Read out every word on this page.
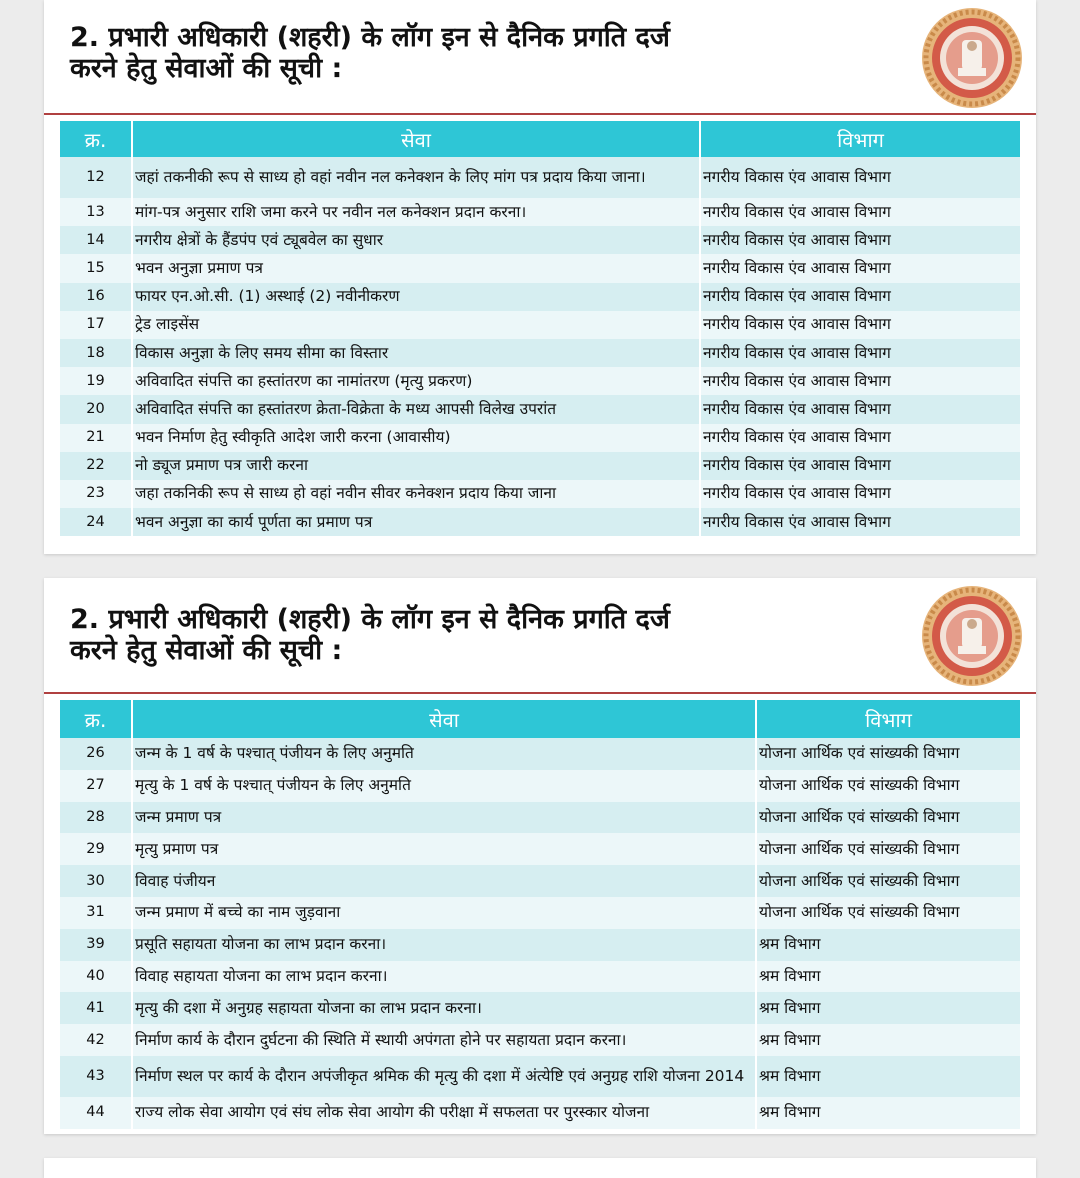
2. प्रभारी अधिकारी (शहरी) के लॉग इन से दैनिक प्रगति दर्ज
करने हेतु सेवाओं की सूची :
क्र.	सेवा	विभाग
12	जहां तकनीकी रूप से साध्य हो वहां नवीन नल कनेक्शन के लिए मांग पत्र प्रदाय किया जाना।	नगरीय विकास एंव आवास विभाग
13	मांग-पत्र अनुसार राशि जमा करने पर नवीन नल कनेक्शन प्रदान करना।	नगरीय विकास एंव आवास विभाग
14	नगरीय क्षेत्रों के हैंडपंप एवं ट्यूबवेल का सुधार	नगरीय विकास एंव आवास विभाग
15	भवन अनुज्ञा प्रमाण पत्र	नगरीय विकास एंव आवास विभाग
16	फायर एन.ओ.सी. (1) अस्थाई (2) नवीनीकरण	नगरीय विकास एंव आवास विभाग
17	ट्रेड लाइसेंस	नगरीय विकास एंव आवास विभाग
18	विकास अनुज्ञा के लिए समय सीमा का विस्तार	नगरीय विकास एंव आवास विभाग
19	अविवादित संपत्ति का हस्तांतरण का नामांतरण (मृत्यु प्रकरण)	नगरीय विकास एंव आवास विभाग
20	अविवादित संपत्ति का हस्तांतरण क्रेता-विक्रेता के मध्य आपसी विलेख उपरांत	नगरीय विकास एंव आवास विभाग
21	भवन निर्माण हेतु स्वीकृति आदेश जारी करना (आवासीय)	नगरीय विकास एंव आवास विभाग
22	नो ड्यूज प्रमाण पत्र जारी करना	नगरीय विकास एंव आवास विभाग
23	जहा तकनिकी रूप से साध्य हो वहां नवीन सीवर कनेक्शन प्रदाय किया जाना	नगरीय विकास एंव आवास विभाग
24	भवन अनुज्ञा का कार्य पूर्णता का प्रमाण पत्र	नगरीय विकास एंव आवास विभाग
2. प्रभारी अधिकारी (शहरी) के लॉग इन से दैनिक प्रगति दर्ज
करने हेतु सेवाओं की सूची :
क्र.	सेवा	विभाग
26	जन्म के 1 वर्ष के पश्चात् पंजीयन के लिए अनुमति	योजना आर्थिक एवं सांख्यकी विभाग
27	मृत्यु के 1 वर्ष के पश्चात् पंजीयन के लिए अनुमति	योजना आर्थिक एवं सांख्यकी विभाग
28	जन्म प्रमाण पत्र	योजना आर्थिक एवं सांख्यकी विभाग
29	मृत्यु प्रमाण पत्र	योजना आर्थिक एवं सांख्यकी विभाग
30	विवाह पंजीयन	योजना आर्थिक एवं सांख्यकी विभाग
31	जन्म प्रमाण में बच्चे का नाम जुड़वाना	योजना आर्थिक एवं सांख्यकी विभाग
39	प्रसूति सहायता योजना का लाभ प्रदान करना।	श्रम विभाग
40	विवाह सहायता योजना का लाभ प्रदान करना।	श्रम विभाग
41	मृत्यु की दशा में अनुग्रह सहायता योजना का लाभ प्रदान करना।	श्रम विभाग
42	निर्माण कार्य के दौरान दुर्घटना की स्थिति में स्थायी अपंगता होने पर सहायता प्रदान करना।	श्रम विभाग
43	निर्माण स्थल पर कार्य के दौरान अपंजीकृत श्रमिक की मृत्यु की दशा में अंत्येष्टि एवं अनुग्रह राशि योजना 2014	श्रम विभाग
44	राज्य लोक सेवा आयोग एवं संघ लोक सेवा आयोग की परीक्षा में सफलता पर पुरस्कार योजना	श्रम विभाग
